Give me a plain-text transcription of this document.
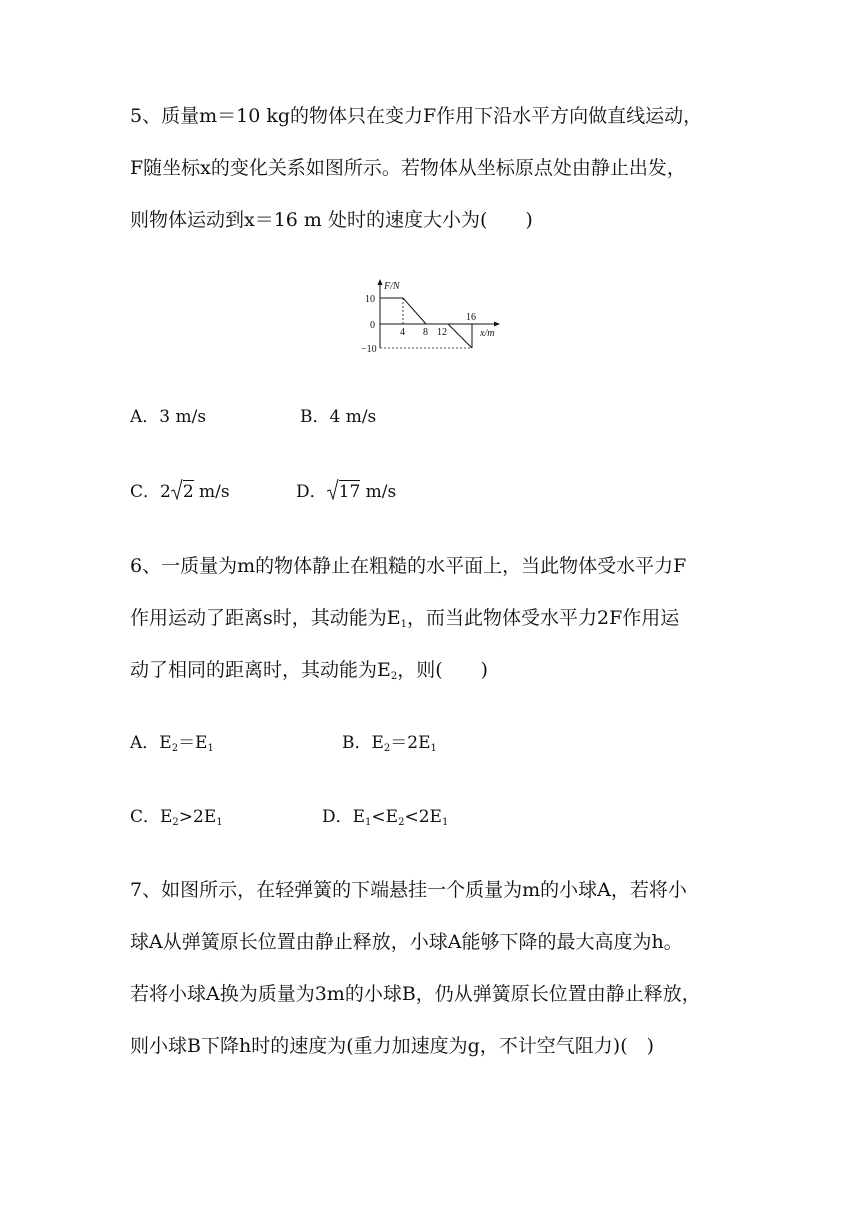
5、质量m＝10 kg的物体只在变力F作用下沿水平方向做直线运动，
F随坐标x的变化关系如图所示。若物体从坐标原点处由静止出发，
则物体运动到x＝16 m 处时的速度大小为(　　)
F/N
x/m
10
0
−10
4 8 12
16
A．3 m/s	B．4 m/s
C．2 2 m/s	D． 17 m/s
6、一质量为m的物体静止在粗糙的水平面上，当此物体受水平力F
作用运动了距离s时，其动能为$E_1$，而当此物体受水平力2F作用运
动了相同的距离时，其动能为$E_2$，则(　　)
A．$E_2=E_1$	B．$E_2=2E_1$
C．$E_2>2E_1$	D．$E_1<E_2<2E_1$
7、如图所示，在轻弹簧的下端悬挂一个质量为m的小球A，若将小
球A从弹簧原长位置由静止释放，小球A能够下降的最大高度为h。
若将小球A换为质量为3m的小球B，仍从弹簧原长位置由静止释放，
则小球B下降h时的速度为(重力加速度为g，不计空气阻力)(　)
